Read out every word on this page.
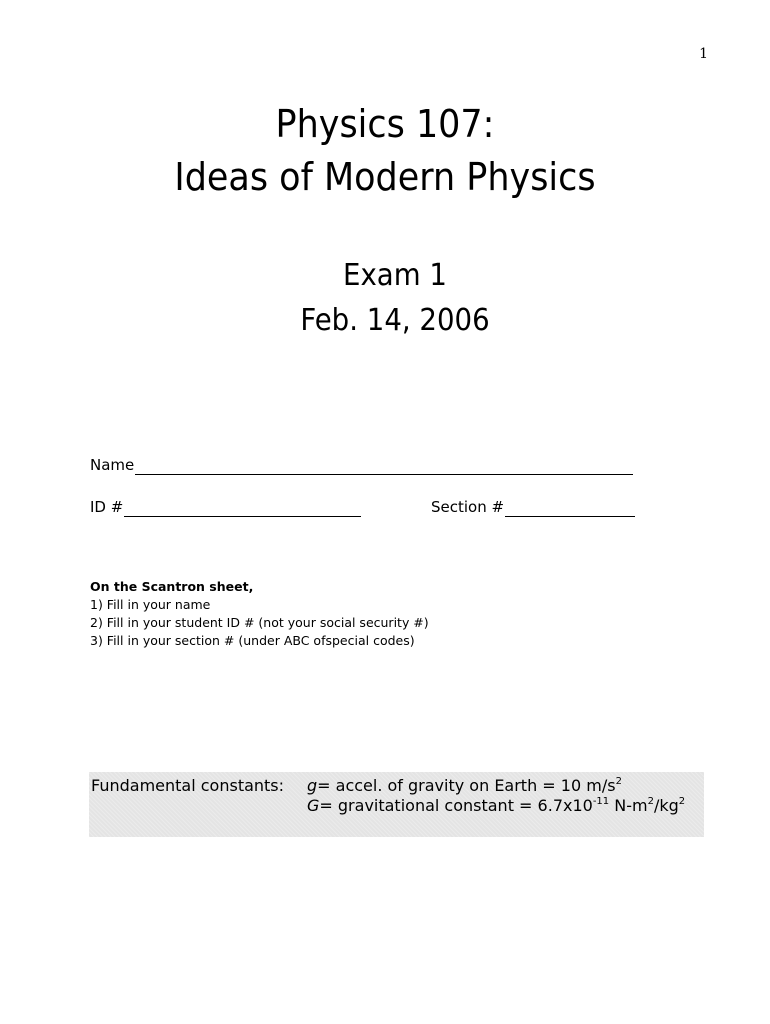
1
Physics 107:
Ideas of Modern Physics
Exam 1
Feb. 14, 2006
Name
ID #	Section #
On the Scantron sheet,
1) Fill in your name
2) Fill in your student ID # (not your social security #)
3) Fill in your section # (under ABC ofspecial codes)
Fundamental constants: g= accel. of gravity on Earth = 10 $m/s^2$
G= gravitational constant = $6.7x10^{-11}$ $N-m^2/kg^2$
